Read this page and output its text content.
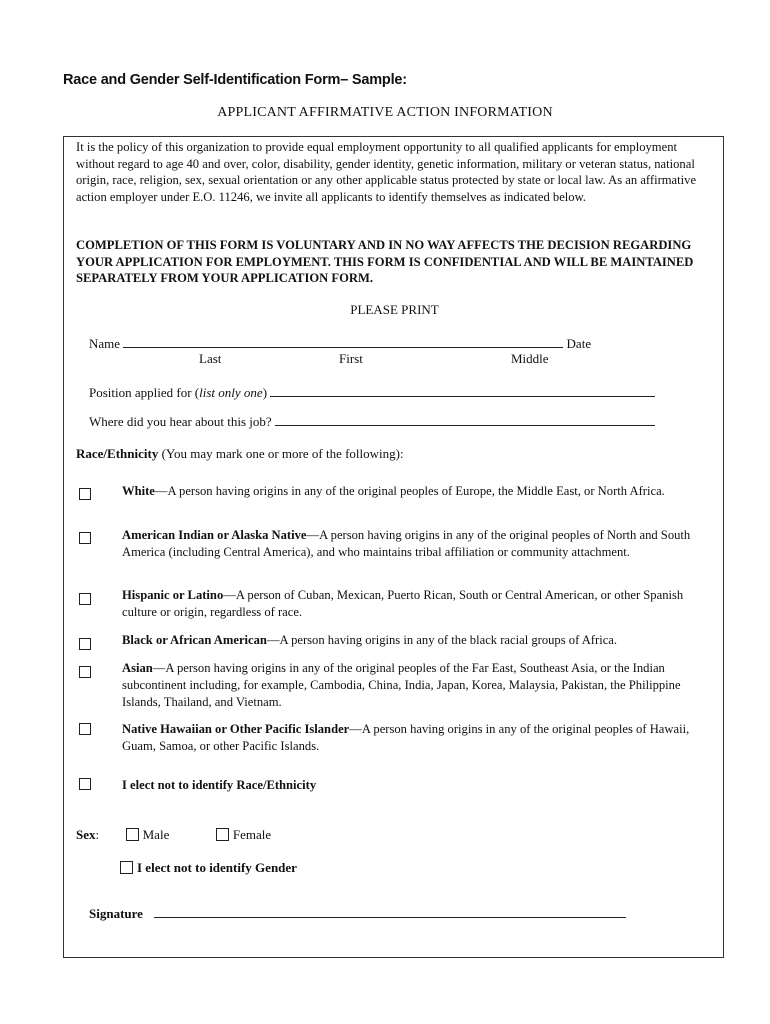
Race and Gender Self-Identification Form– Sample:
APPLICANT AFFIRMATIVE ACTION INFORMATION
It is the policy of this organization to provide equal employment opportunity to all qualified applicants for employment without regard to age 40 and over, color, disability, gender identity, genetic information, military or veteran status, national origin, race, religion, sex, sexual orientation or any other applicable status protected by state or local law. As an affirmative action employer under E.O. 11246, we invite all applicants to identify themselves as indicated below.
COMPLETION OF THIS FORM IS VOLUNTARY AND IN NO WAY AFFECTS THE DECISION REGARDING YOUR APPLICATION FOR EMPLOYMENT. THIS FORM IS CONFIDENTIAL AND WILL BE MAINTAINED SEPARATELY FROM YOUR APPLICATION FORM.
PLEASE PRINT
Name	Date
Last	First	Middle
Position applied for (list only one)
Where did you hear about this job?
Race/Ethnicity (You may mark one or more of the following):
White—A person having origins in any of the original peoples of Europe, the Middle East, or North Africa.
American Indian or Alaska Native—A person having origins in any of the original peoples of North and South America (including Central America), and who maintains tribal affiliation or community attachment.
Hispanic or Latino—A person of Cuban, Mexican, Puerto Rican, South or Central American, or other Spanish culture or origin, regardless of race.
Black or African American—A person having origins in any of the black racial groups of Africa.
Asian—A person having origins in any of the original peoples of the Far East, Southeast Asia, or the Indian subcontinent including, for example, Cambodia, China, India, Japan, Korea, Malaysia, Pakistan, the Philippine Islands, Thailand, and Vietnam.
Native Hawaiian or Other Pacific Islander—A person having origins in any of the original peoples of Hawaii, Guam, Samoa, or other Pacific Islands.
I elect not to identify Race/Ethnicity
Sex:	Male	Female
I elect not to identify Gender
Signature
